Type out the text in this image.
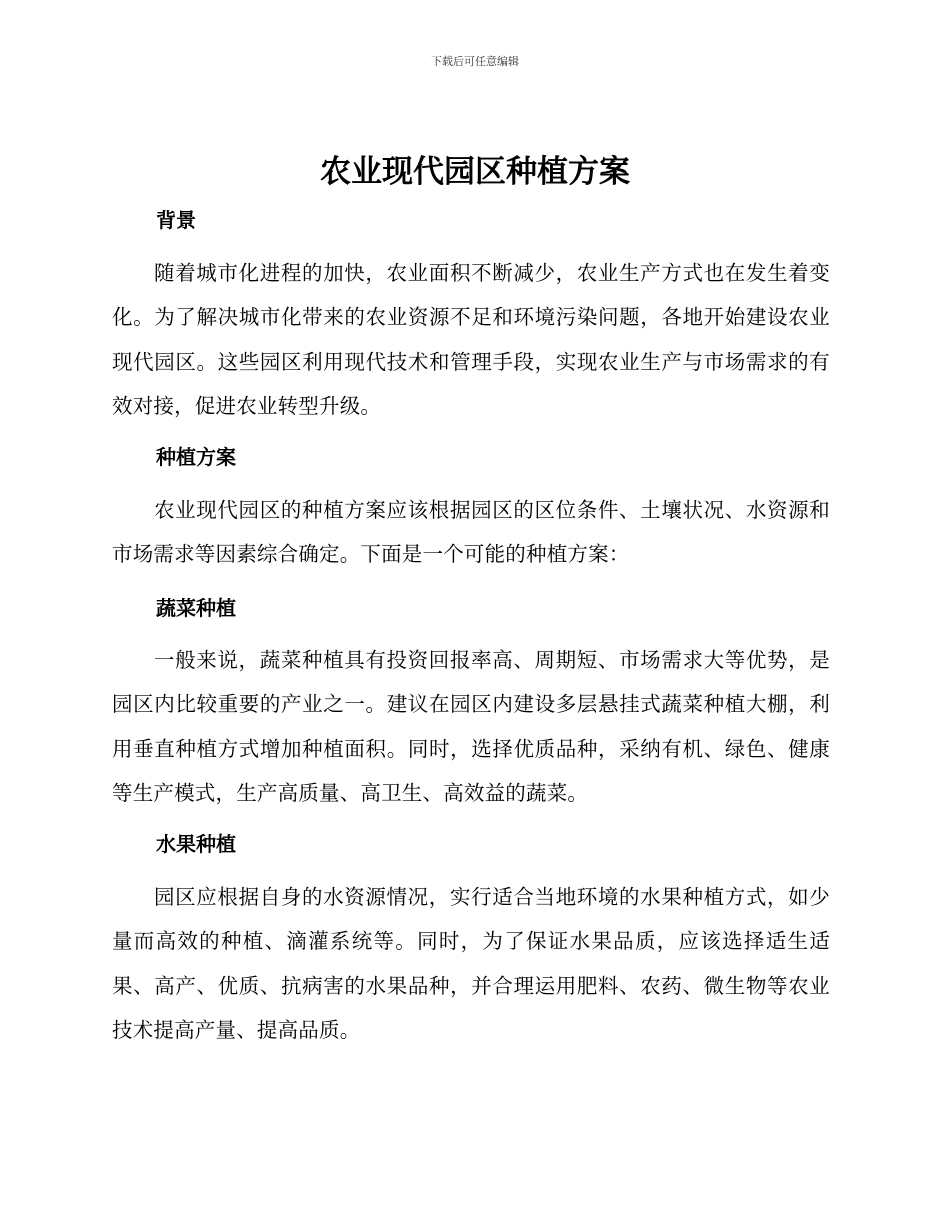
下载后可任意编辑
农业现代园区种植方案
背景

随着城市化进程的加快，农业面积不断减少，农业生产方式也在发生着变化。为了解决城市化带来的农业资源不足和环境污染问题，各地开始建设农业现代园区。这些园区利用现代技术和管理手段，实现农业生产与市场需求的有效对接，促进农业转型升级。

种植方案

农业现代园区的种植方案应该根据园区的区位条件、土壤状况、水资源和市场需求等因素综合确定。下面是一个可能的种植方案：

蔬菜种植

一般来说，蔬菜种植具有投资回报率高、周期短、市场需求大等优势，是园区内比较重要的产业之一。建议在园区内建设多层悬挂式蔬菜种植大棚，利用垂直种植方式增加种植面积。同时，选择优质品种，采纳有机、绿色、健康等生产模式，生产高质量、高卫生、高效益的蔬菜。

水果种植

园区应根据自身的水资源情况，实行适合当地环境的水果种植方式，如少量而高效的种植、滴灌系统等。同时，为了保证水果品质，应该选择适生适果、高产、优质、抗病害的水果品种，并合理运用肥料、农药、微生物等农业技术提高产量、提高品质。
